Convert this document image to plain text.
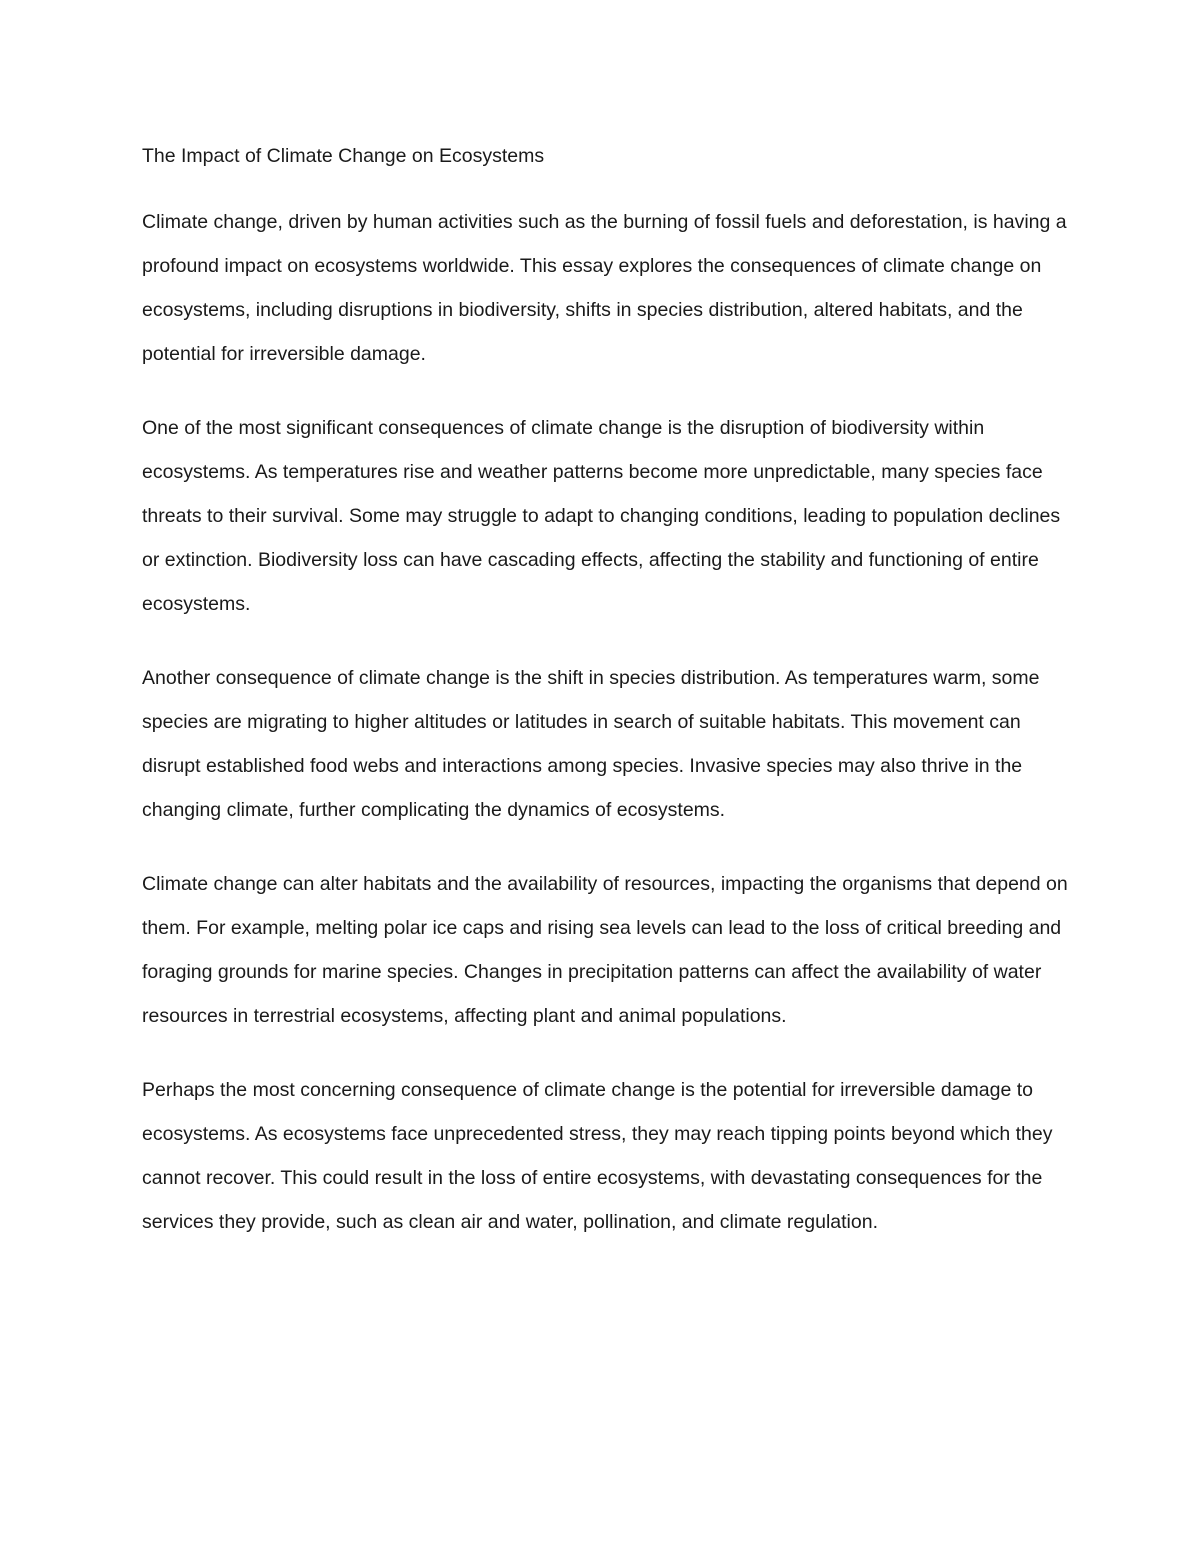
The Impact of Climate Change on Ecosystems

Climate change, driven by human activities such as the burning of fossil fuels and deforestation, is having a profound impact on ecosystems worldwide. This essay explores the consequences of climate change on ecosystems, including disruptions in biodiversity, shifts in species distribution, altered habitats, and the potential for irreversible damage.

One of the most significant consequences of climate change is the disruption of biodiversity within ecosystems. As temperatures rise and weather patterns become more unpredictable, many species face threats to their survival. Some may struggle to adapt to changing conditions, leading to population declines or extinction. Biodiversity loss can have cascading effects, affecting the stability and functioning of entire ecosystems.

Another consequence of climate change is the shift in species distribution. As temperatures warm, some species are migrating to higher altitudes or latitudes in search of suitable habitats. This movement can disrupt established food webs and interactions among species. Invasive species may also thrive in the changing climate, further complicating the dynamics of ecosystems.

Climate change can alter habitats and the availability of resources, impacting the organisms that depend on them. For example, melting polar ice caps and rising sea levels can lead to the loss of critical breeding and foraging grounds for marine species. Changes in precipitation patterns can affect the availability of water resources in terrestrial ecosystems, affecting plant and animal populations.

Perhaps the most concerning consequence of climate change is the potential for irreversible damage to ecosystems. As ecosystems face unprecedented stress, they may reach tipping points beyond which they cannot recover. This could result in the loss of entire ecosystems, with devastating consequences for the services they provide, such as clean air and water, pollination, and climate regulation.
